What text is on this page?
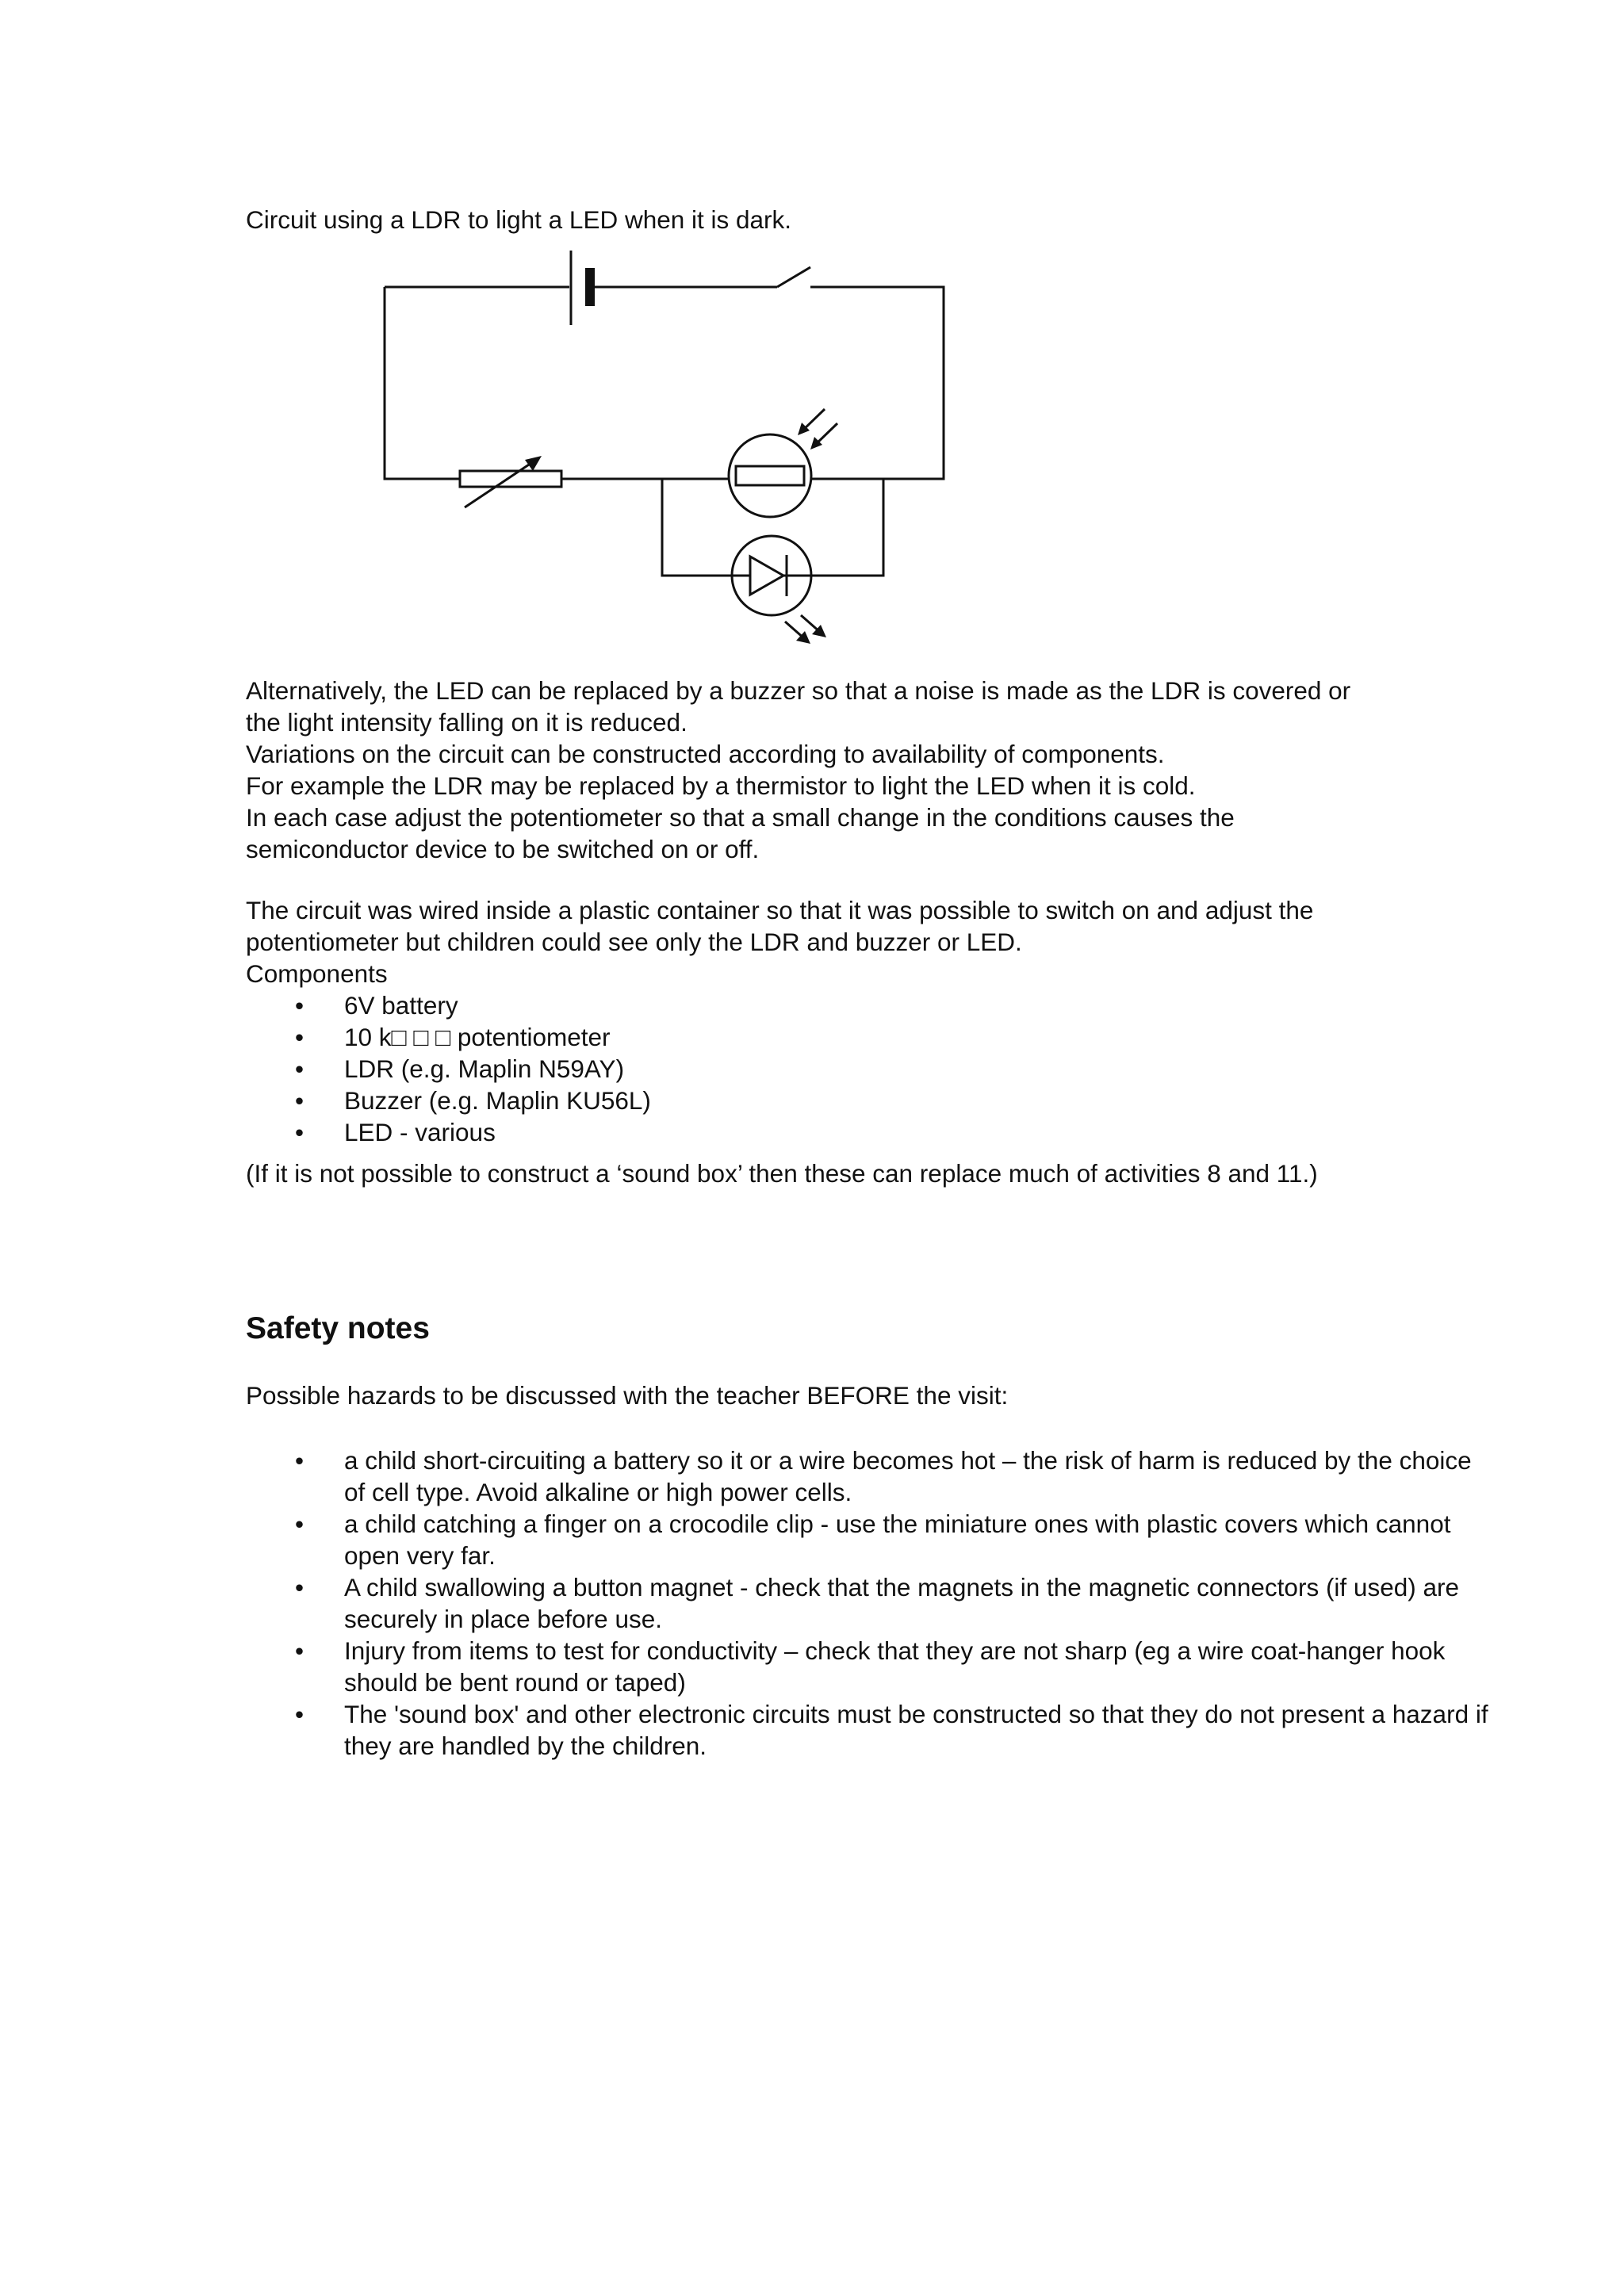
Circuit using a LDR to light a LED when it is dark.

Alternatively, the LED can be replaced by a buzzer so that a noise is made as the LDR is covered or
the light intensity falling on it is reduced.
Variations on the circuit can be constructed according to availability of components.
For example the LDR may be replaced by a thermistor to light the LED when it is cold.
In each case adjust the potentiometer so that a small change in the conditions causes the
semiconductor device to be switched on or off.
The circuit was wired inside a plastic container so that it was possible to switch on and adjust the
potentiometer but children could see only the LDR and buzzer or LED.

Components

• 6V battery
• 10 k□ □ □ potentiometer
• LDR (e.g. Maplin N59AY)
• Buzzer (e.g. Maplin KU56L)
• LED - various

(If it is not possible to construct a ‘sound box’ then these can replace much of activities 8 and 11.)

Safety notes

Possible hazards to be discussed with the teacher BEFORE the visit:

• a child short-circuiting a battery so it or a wire becomes hot – the risk of harm is reduced by the choice of cell type. Avoid alkaline or high power cells.
• a child catching a finger on a crocodile clip - use the miniature ones with plastic covers which cannot open very far.
• A child swallowing a button magnet - check that the magnets in the magnetic connectors (if used) are securely in place before use.
• Injury from items to test for conductivity – check that they are not sharp (eg a wire coat-hanger hook should be bent round or taped)
• The 'sound box' and other electronic circuits must be constructed so that they do not present a hazard if they are handled by the children.
